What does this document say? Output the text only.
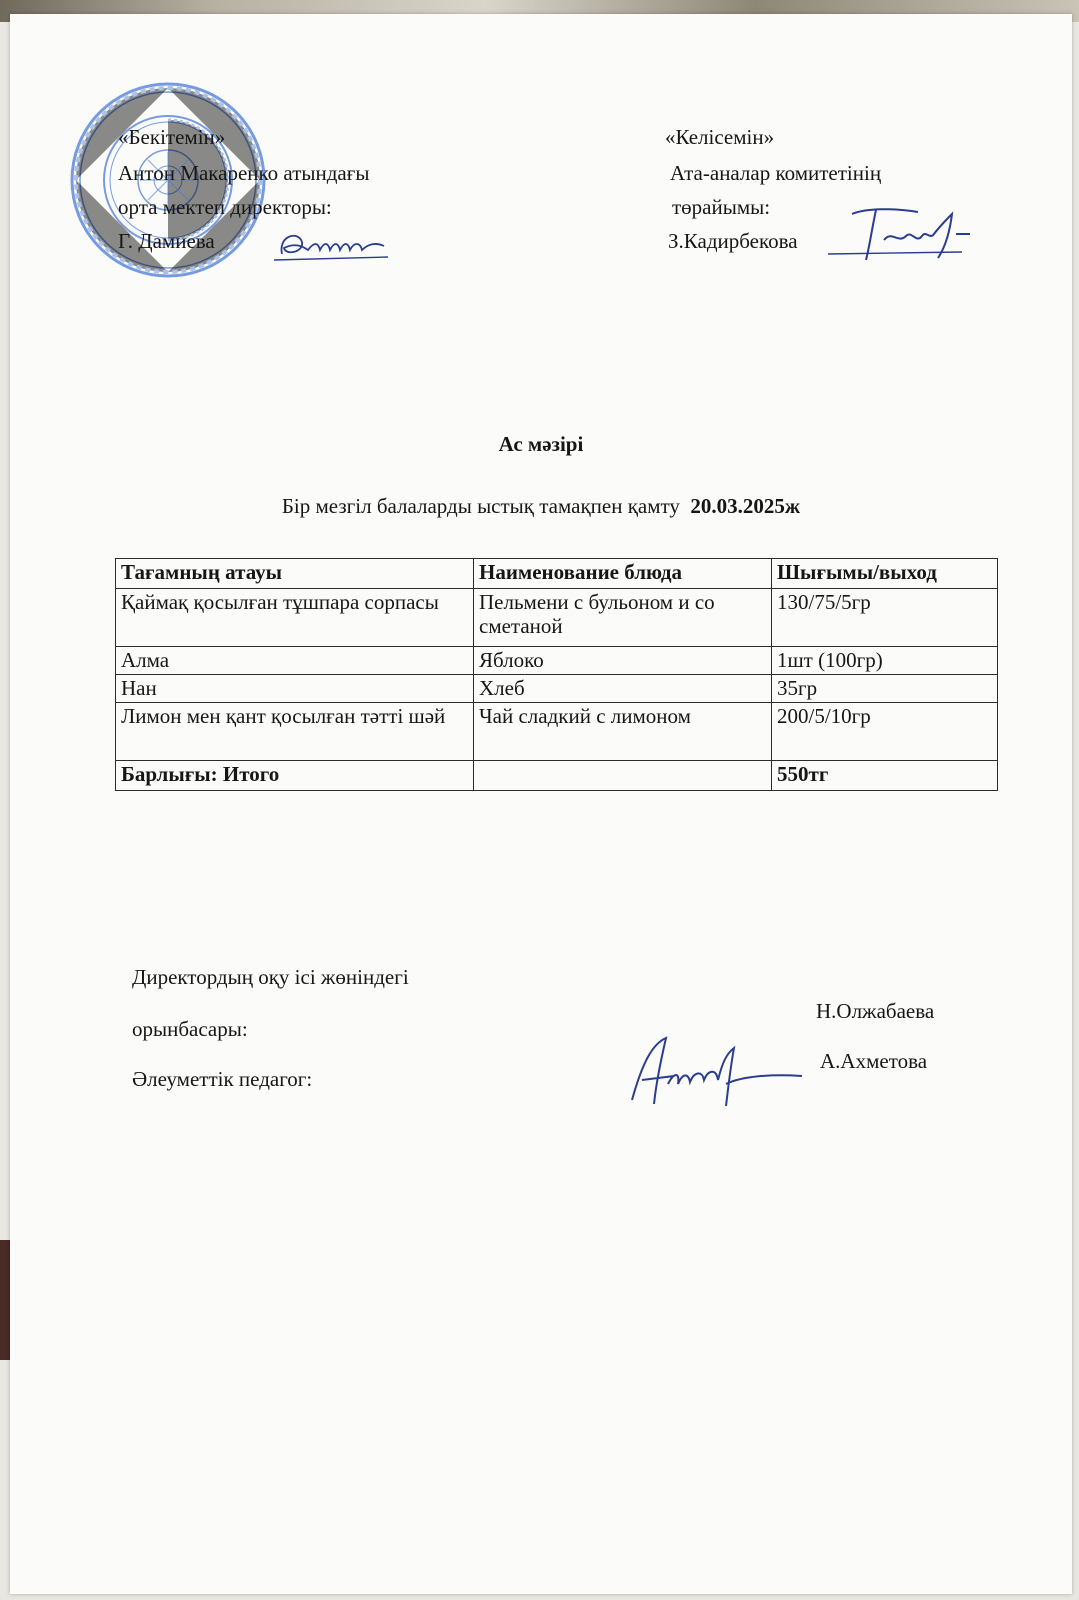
«Бекітемін»
Антон Макаренко атындағы
орта мектеп директоры:
Г. Дамиева
«Келісемін»
Ата-аналар комитетінің
төрайымы:
З.Кадирбекова
Ас мәзірі
Бір мезгіл балаларды ыстық тамақпен қамту 20.03.2025ж
Тағамның атауы	Наименование блюда	Шығымы/выход
Қаймақ қосылған тұшпара сорпасы	Пельмени с бульоном и со сметаной	130/75/5гр
Алма	Яблоко	1шт (100гр)
Нан	Хлеб	35гр
Лимон мен қант қосылған тәтті шәй	Чай сладкий с лимоном	200/5/10гр
Барлығы: Итого		550тг
Директордың оқу ісі жөніндегі
орынбасары:
Әлеуметтік педагог:
Н.Олжабаева
А.Ахметова
